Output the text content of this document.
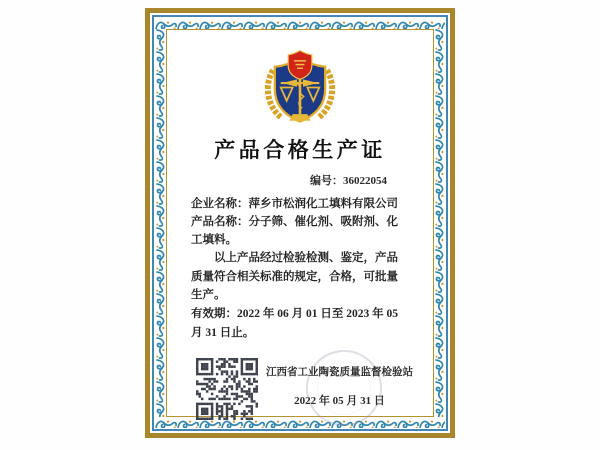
产品合格生产证
编号：36022054
企业名称：萍乡市松润化工填料有限公司
产品名称：分子筛、催化剂、吸附剂、化工填料。
以上产品经过检验检测、鉴定，产品质量符合相关标准的规定，合格，可批量生产。
有效期：2022 年 06 月 01 日至 2023 年 05 月 31 日止。
江西省工业陶瓷质量监督检验站
2022 年 05 月 31 日
